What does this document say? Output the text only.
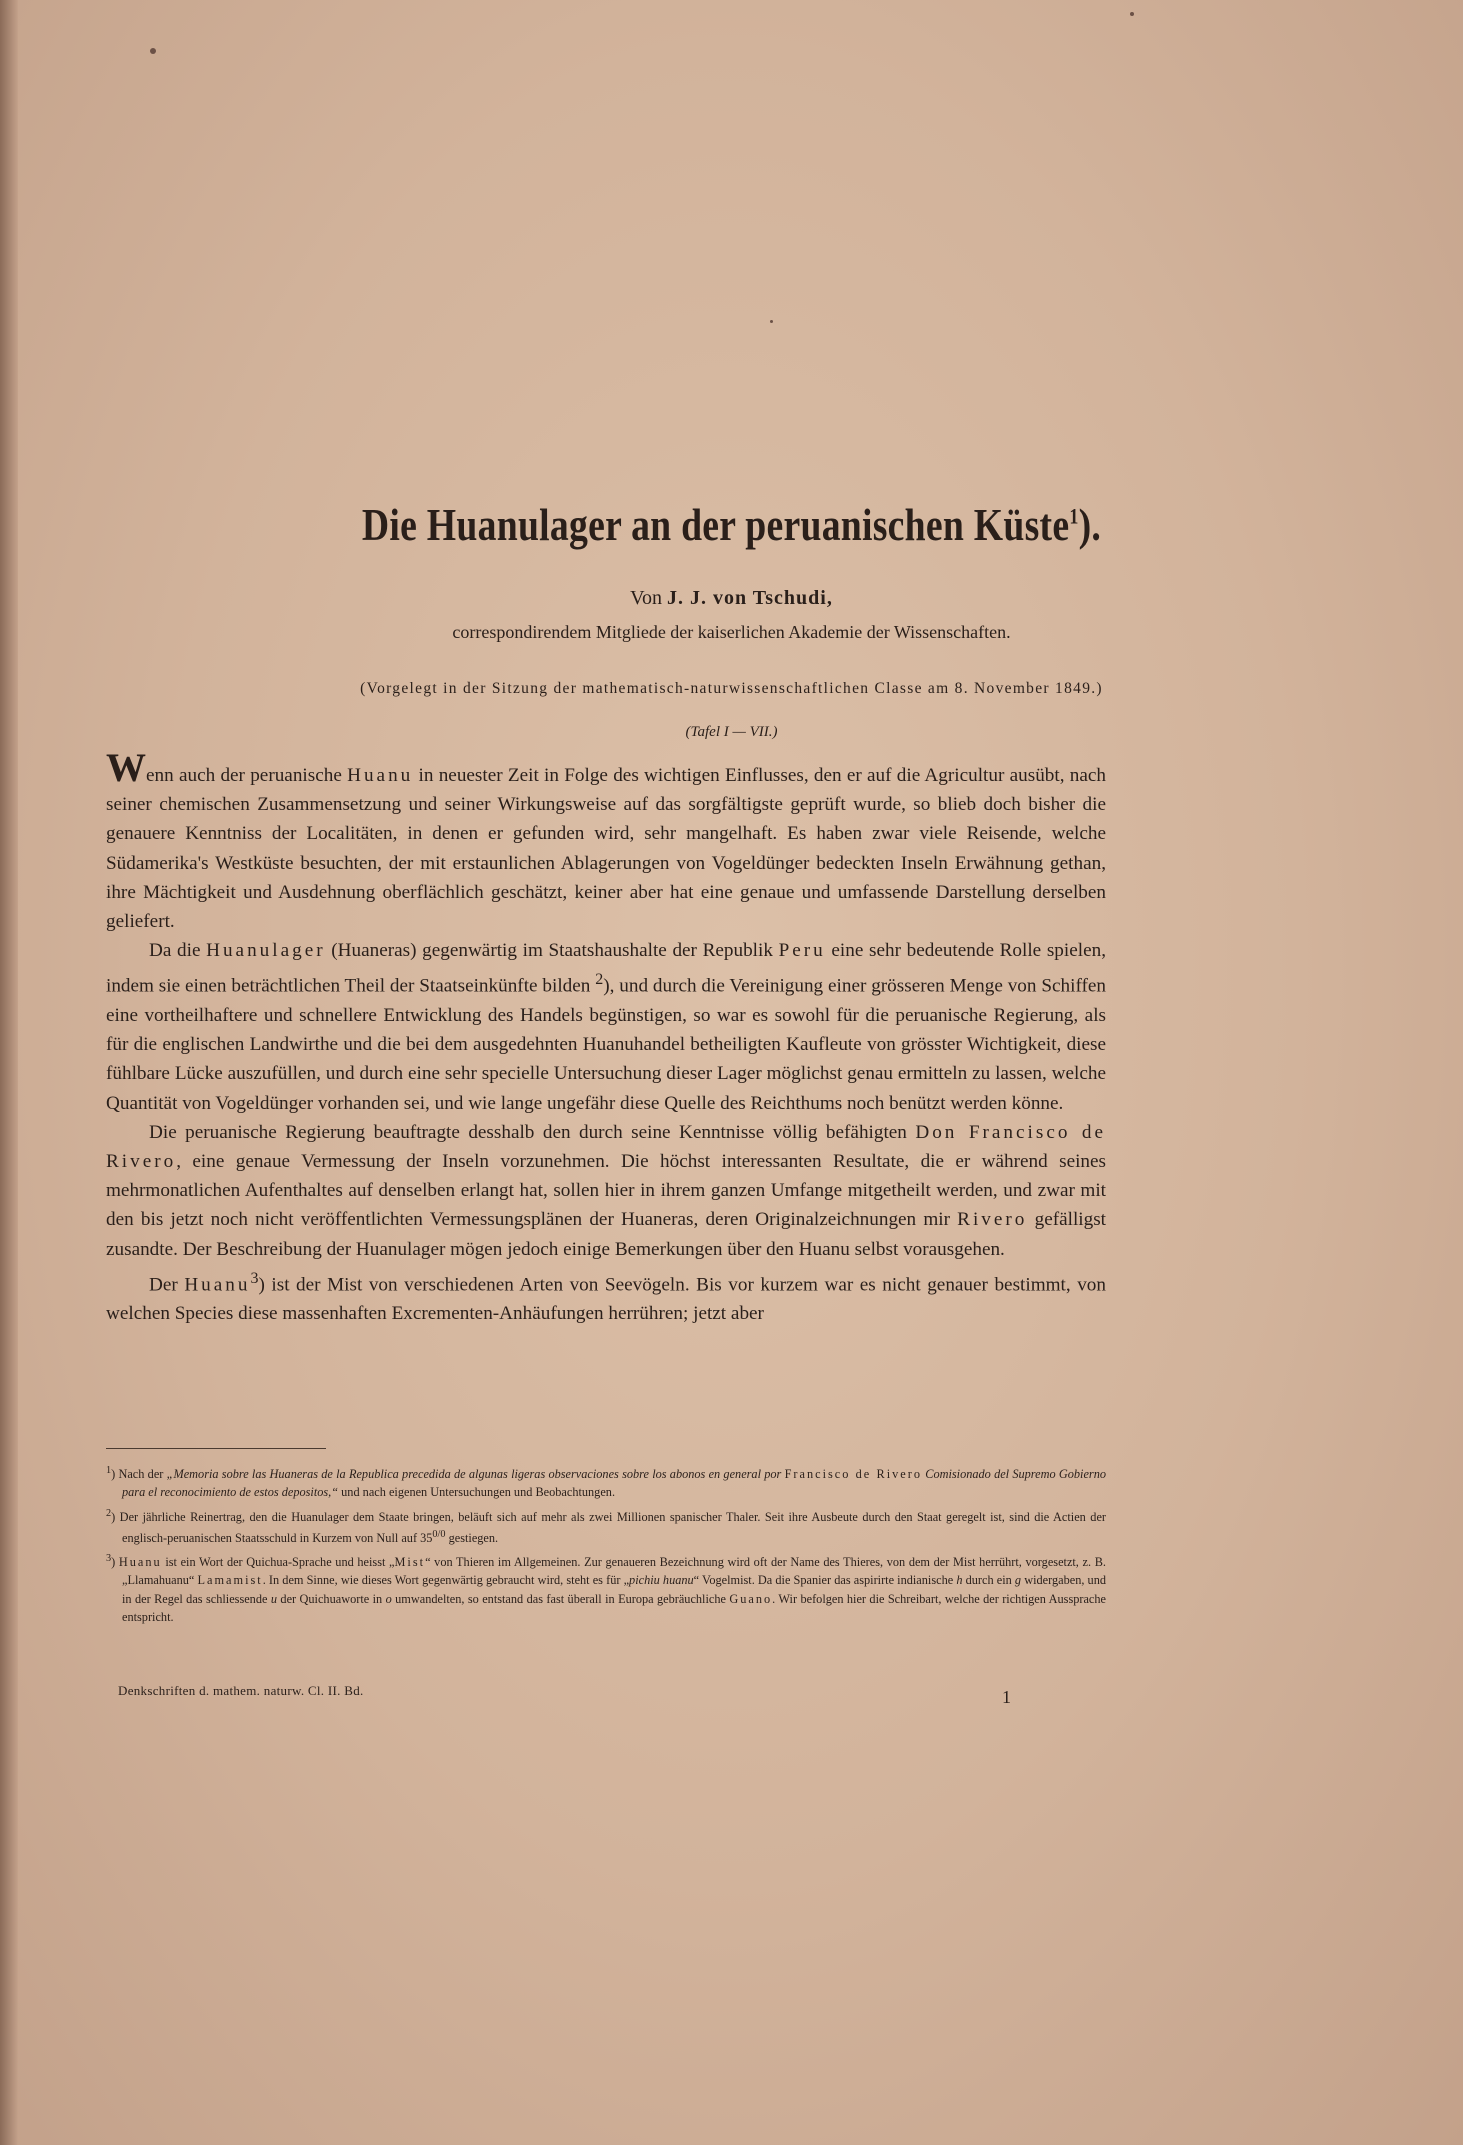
Die Huanulager an der peruanischen Küste$^1$).
Von J. J. von Tschudi,
correspondirendem Mitgliede der kaiserlichen Akademie der Wissenschaften.
(Vorgelegt in der Sitzung der mathematisch-naturwissenschaftlichen Classe am 8. November 1849.)
(Tafel I — VII.)

Wenn auch der peruanische Huanu in neuester Zeit in Folge des wichtigen Einflusses, den er auf die Agricultur ausübt, nach seiner chemischen Zusammensetzung und seiner Wirkungsweise auf das sorgfältigste geprüft wurde, so blieb doch bisher die genauere Kenntniss der Localitäten, in denen er gefunden wird, sehr mangelhaft. Es haben zwar viele Reisende, welche Südamerika's Westküste besuchten, der mit erstaunlichen Ablagerungen von Vogeldünger bedeckten Inseln Erwähnung gethan, ihre Mächtigkeit und Ausdehnung oberflächlich geschätzt, keiner aber hat eine genaue und umfassende Darstellung derselben geliefert.

Da die Huanulager (Huaneras) gegenwärtig im Staatshaushalte der Republik Peru eine sehr bedeutende Rolle spielen, indem sie einen beträchtlichen Theil der Staatseinkünfte bilden $^2$), und durch die Vereinigung einer grösseren Menge von Schiffen eine vortheilhaftere und schnellere Entwicklung des Handels begünstigen, so war es sowohl für die peruanische Regierung, als für die englischen Landwirthe und die bei dem ausgedehnten Huanuhandel betheiligten Kaufleute von grösster Wichtigkeit, diese fühlbare Lücke auszufüllen, und durch eine sehr specielle Untersuchung dieser Lager möglichst genau ermitteln zu lassen, welche Quantität von Vogeldünger vorhanden sei, und wie lange ungefähr diese Quelle des Reichthums noch benützt werden könne.

Die peruanische Regierung beauftragte desshalb den durch seine Kenntnisse völlig befähigten Don Francisco de Rivero, eine genaue Vermessung der Inseln vorzunehmen. Die höchst interessanten Resultate, die er während seines mehrmonatlichen Aufenthaltes auf denselben erlangt hat, sollen hier in ihrem ganzen Umfange mitgetheilt werden, und zwar mit den bis jetzt noch nicht veröffentlichten Vermessungsplänen der Huaneras, deren Originalzeichnungen mir Rivero gefälligst zusandte. Der Beschreibung der Huanulager mögen jedoch einige Bemerkungen über den Huanu selbst vorausgehen.

Der Huanu$^3$) ist der Mist von verschiedenen Arten von Seevögeln. Bis vor kurzem war es nicht genauer bestimmt, von welchen Species diese massenhaften Excrementen-Anhäufungen herrühren; jetzt aber

$^1$) Nach der „Memoria sobre las Huaneras de la Republica precedida de algunas ligeras observaciones sobre los abonos en general por Francisco de Rivero Comisionado del Supremo Gobierno para el reconocimiento de estos depositos,“ und nach eigenen Untersuchungen und Beobachtungen.

$^2$) Der jährliche Reinertrag, den die Huanulager dem Staate bringen, beläuft sich auf mehr als zwei Millionen spanischer Thaler. Seit ihre Ausbeute durch den Staat geregelt ist, sind die Actien der englisch-peruanischen Staatsschuld in Kurzem von Null auf $35^{0/0}$ gestiegen.

$^3$) Huanu ist ein Wort der Quichua-Sprache und heisst „Mist“ von Thieren im Allgemeinen. Zur genaueren Bezeichnung wird oft der Name des Thieres, von dem der Mist herrührt, vorgesetzt, z. B. „Llamahuanu“ Lamamist. In dem Sinne, wie dieses Wort gegenwärtig gebraucht wird, steht es für „pichiu huanu“ Vogelmist. Da die Spanier das aspirirte indianische h durch ein g widergaben, und in der Regel das schliessende u der Quichuaworte in o umwandelten, so entstand das fast überall in Europa gebräuchliche Guano. Wir befolgen hier die Schreibart, welche der richtigen Aussprache entspricht.

Denkschriften d. mathem. naturw. Cl. II. Bd.	1
